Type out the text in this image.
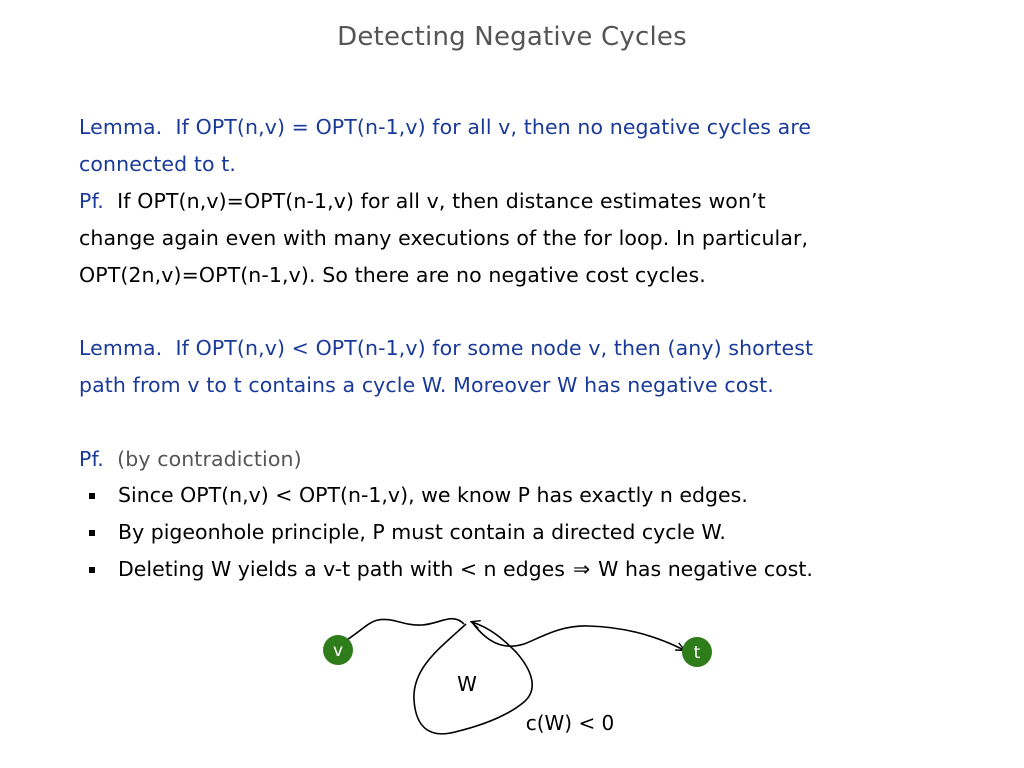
Detecting Negative Cycles
Lemma. If OPT(n,v) = OPT(n-1,v) for all v, then no negative cycles are
connected to t.
Pf. If OPT(n,v)=OPT(n-1,v) for all v, then distance estimates won’t
change again even with many executions of the for loop. In particular,
OPT(2n,v)=OPT(n-1,v). So there are no negative cost cycles.
Lemma. If OPT(n,v) < OPT(n-1,v) for some node v, then (any) shortest
path from v to t contains a cycle W. Moreover W has negative cost.
Pf. (by contradiction)
Since OPT(n,v) < OPT(n-1,v), we know P has exactly n edges.
By pigeonhole principle, P must contain a directed cycle W.
Deleting W yields a v-t path with < n edges ⇒ W has negative cost.
v	t
W
c(W) < 0
